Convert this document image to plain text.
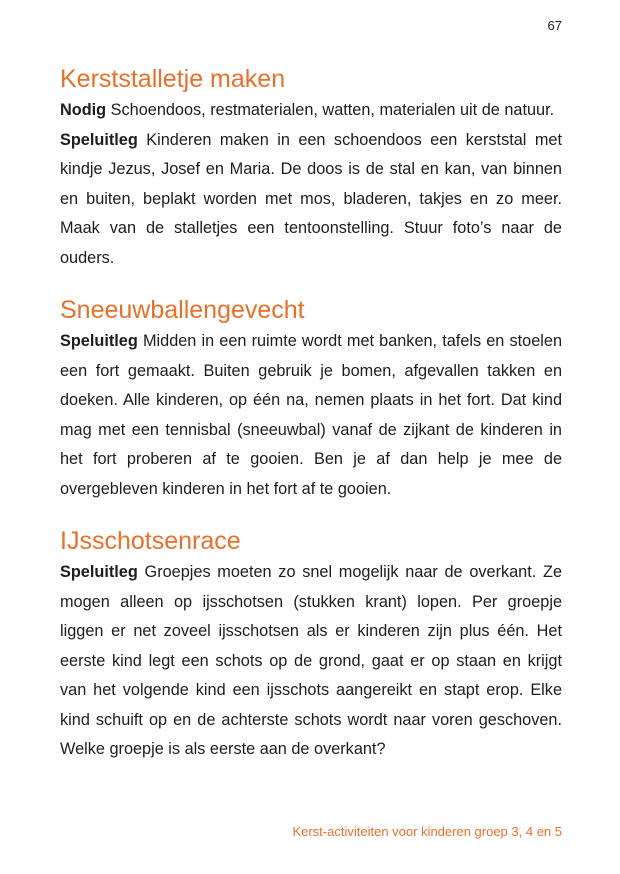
67
Kerststalletje maken

Nodig Schoendoos, restmaterialen, watten, materialen uit de natuur.

Speluitleg Kinderen maken in een schoendoos een kerststal met kindje Jezus, Josef en Maria. De doos is de stal en kan, van binnen en buiten, beplakt worden met mos, bladeren, takjes en zo meer. Maak van de stalletjes een tentoonstelling. Stuur foto’s naar de ouders.

Sneeuwballengevecht

Speluitleg Midden in een ruimte wordt met banken, tafels en stoelen een fort gemaakt. Buiten gebruik je bomen, afgevallen takken en doeken. Alle kinderen, op één na, nemen plaats in het fort. Dat kind mag met een tennisbal (sneeuwbal) vanaf de zijkant de kinderen in het fort proberen af te gooien. Ben je af dan help je mee de overgebleven kinderen in het fort af te gooien.

IJsschotsenrace

Speluitleg Groepjes moeten zo snel mogelijk naar de overkant. Ze mogen alleen op ijsschotsen (stukken krant) lopen. Per groepje liggen er net zoveel ijsschotsen als er kinderen zijn plus één. Het eerste kind legt een schots op de grond, gaat er op staan en krijgt van het volgende kind een ijsschots aangereikt en stapt erop. Elke kind schuift op en de achterste schots wordt naar voren geschoven. Welke groepje is als eerste aan de overkant?

Kerst-activiteiten voor kinderen groep 3, 4 en 5
